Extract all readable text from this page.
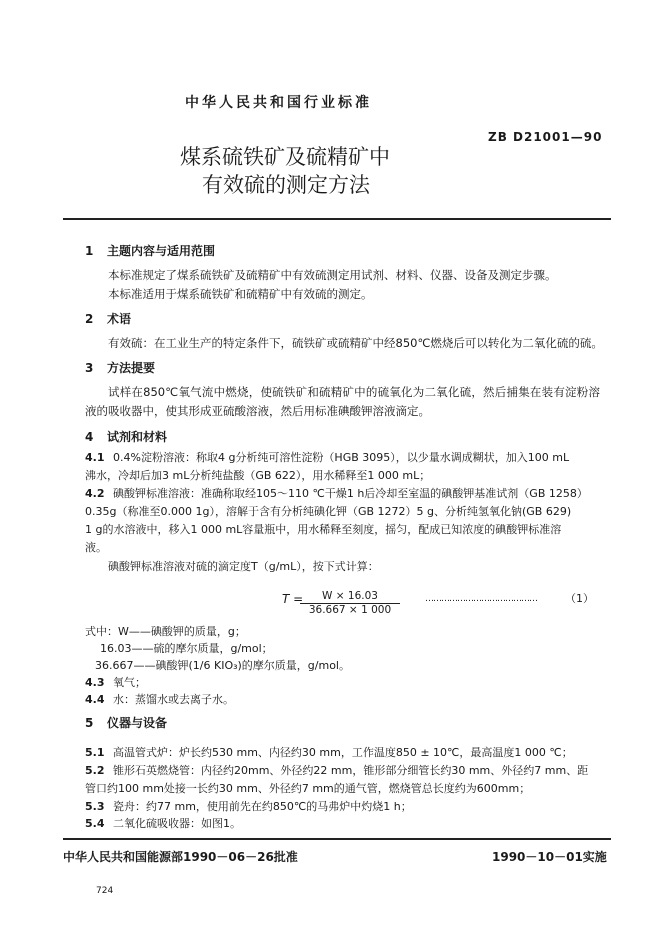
中华人民共和国行业标准
ZB D21001—90
煤系硫铁矿及硫精矿中
有效硫的测定方法
1 主题内容与适用范围
本标准规定了煤系硫铁矿及硫精矿中有效硫测定用试剂、材料、仪器、设备及测定步骤。
本标准适用于煤系硫铁矿和硫精矿中有效硫的测定。
2 术语
有效硫：在工业生产的特定条件下，硫铁矿或硫精矿中经850℃燃烧后可以转化为二氧化硫的硫。
3 方法提要
试样在850℃氧气流中燃烧，使硫铁矿和硫精矿中的硫氧化为二氧化硫，然后捕集在装有淀粉溶
液的吸收器中，使其形成亚硫酸溶液，然后用标准碘酸钾溶液滴定。
4 试剂和材料
4.1 0.4%淀粉溶液：称取4 g分析纯可溶性淀粉（HGB 3095），以少量水调成糊状，加入100 mL
沸水，冷却后加3 mL分析纯盐酸（GB 622），用水稀释至1 000 mL；
4.2 碘酸钾标准溶液：准确称取经105～110 ℃干燥1 h后冷却至室温的碘酸钾基准试剂（GB 1258）
0.35g（称准至0.000 1g），溶解于含有分析纯碘化钾（GB 1272）5 g、分析纯氢氧化钠(GB 629)
1 g的水溶液中，移入1 000 mL容量瓶中，用水稀释至刻度，摇匀，配成已知浓度的碘酸钾标准溶
液。
碘酸钾标准溶液对硫的滴定度T（g/mL），按下式计算：
T =
$\frac{W \times 16.03}{36.667 \times 1 000}$	……………………………………	（1）
式中：W——碘酸钾的质量，g；
16.03——硫的摩尔质量，g/mol；
36.667——碘酸钾(1/6 KIO₃)的摩尔质量，g/mol。
4.3 氧气；
4.4 水：蒸馏水或去离子水。
5 仪器与设备
5.1 高温管式炉：炉长约530 mm、内径约30 mm，工作温度850 ± 10℃，最高温度1 000 ℃；
5.2 锥形石英燃烧管：内径约20mm、外径约22 mm，锥形部分细管长约30 mm、外径约7 mm、距
管口约100 mm处接一长约30 mm、外径约7 mm的通气管，燃烧管总长度约为600mm；
5.3 瓷舟：约77 mm，使用前先在约850℃的马弗炉中灼烧1 h；
5.4 二氧化硫吸收器：如图1。
中华人民共和国能源部1990－06－26批准	1990－10－01实施
724
